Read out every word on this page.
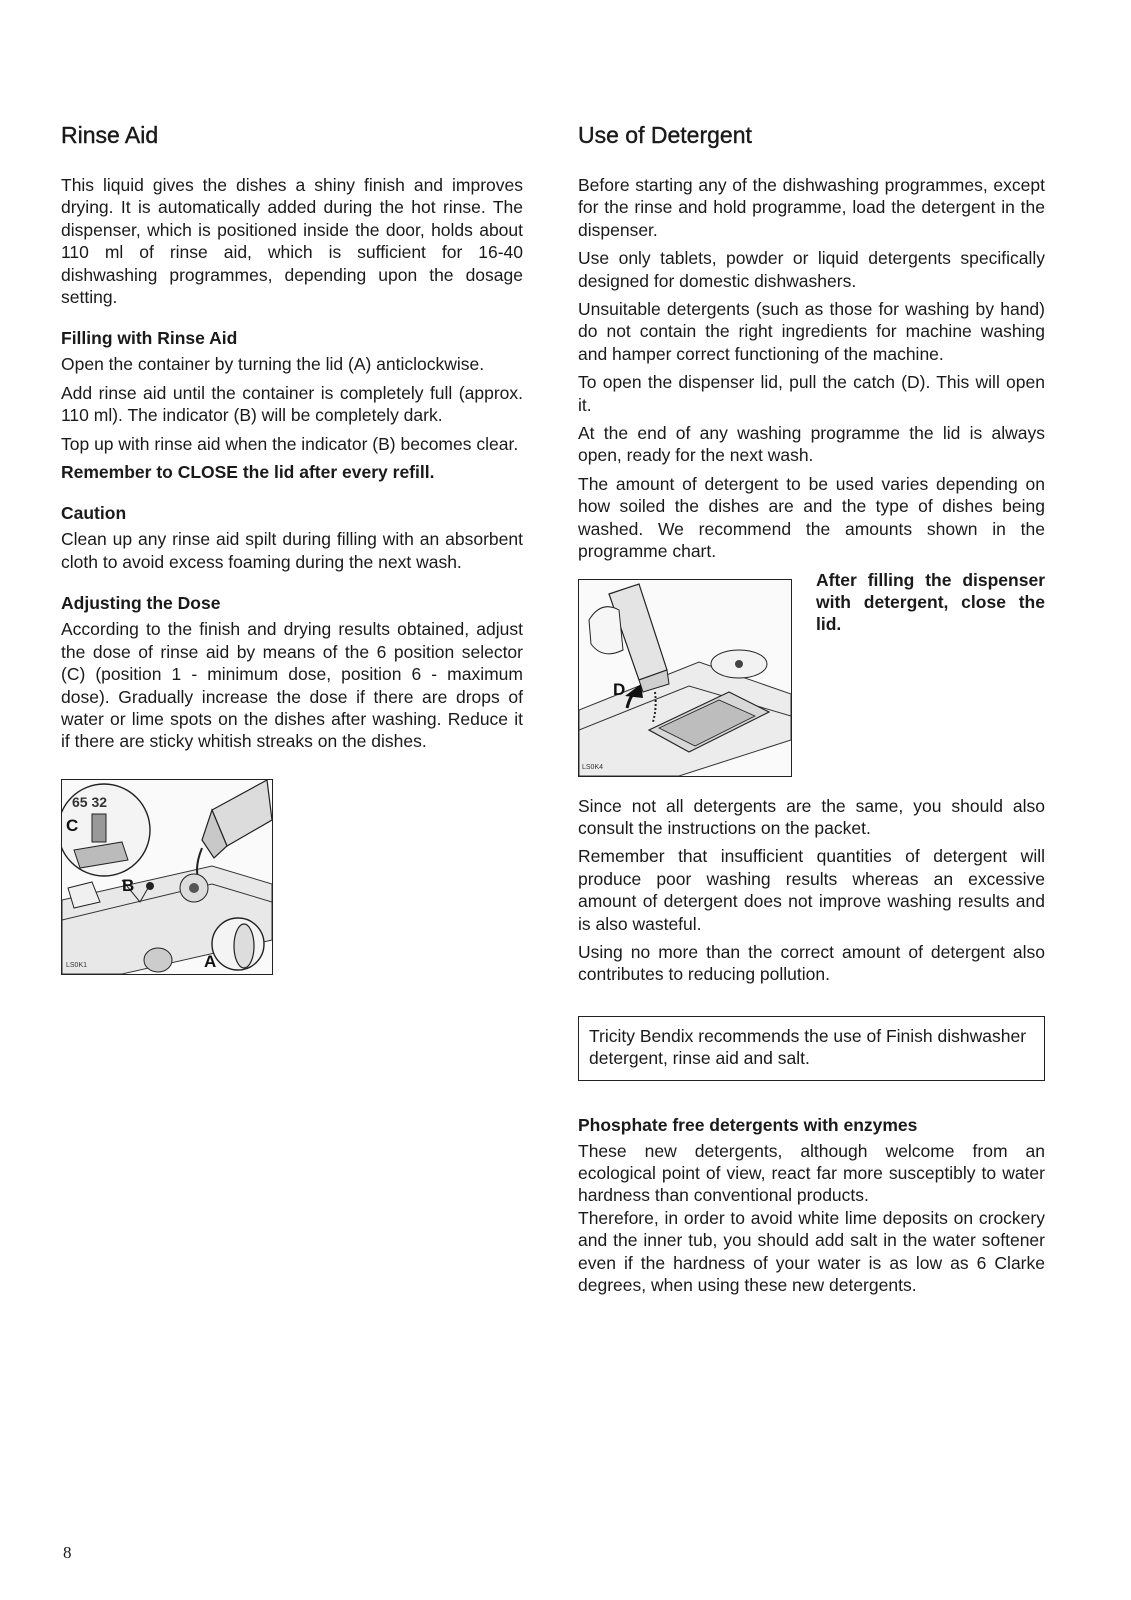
Rinse Aid

This liquid gives the dishes a shiny finish and improves drying. It is automatically added during the hot rinse. The dispenser, which is positioned inside the door, holds about 110 ml of rinse aid, which is sufficient for 16-40 dishwashing programmes, depending upon the dosage setting.

Filling with Rinse Aid

Open the container by turning the lid (A) anticlockwise.

Add rinse aid until the container is completely full (approx. 110 ml). The indicator (B) will be completely dark.

Top up with rinse aid when the indicator (B) becomes clear.

Remember to CLOSE the lid after every refill.

Caution

Clean up any rinse aid spilt during filling with an absorbent cloth to avoid excess foaming during the next wash.

Adjusting the Dose

According to the finish and drying results obtained, adjust the dose of rinse aid by means of the 6 position selector (C) (position 1 - minimum dose, position 6 - maximum dose). Gradually increase the dose if there are drops of water or lime spots on the dishes after washing. Reduce it if there are sticky whitish streaks on the dishes.

C
65 32
B
A
LS0K1
Use of Detergent

Before starting any of the dishwashing programmes, except for the rinse and hold programme, load the detergent in the dispenser.

Use only tablets, powder or liquid detergents specifically designed for domestic dishwashers.

Unsuitable detergents (such as those for washing by hand) do not contain the right ingredients for machine washing and hamper correct functioning of the machine.

To open the dispenser lid, pull the catch (D). This will open it.

At the end of any washing programme the lid is always open, ready for the next wash.

The amount of detergent to be used varies depending on how soiled the dishes are and the type of dishes being washed. We recommend the amounts shown in the programme chart.

D
LS0K4
After filling the dispenser with detergent, close the lid.

Since not all detergents are the same, you should also consult the instructions on the packet.

Remember that insufficient quantities of detergent will produce poor washing results whereas an excessive amount of detergent does not improve washing results and is also wasteful.

Using no more than the correct amount of detergent also contributes to reducing pollution.

Tricity Bendix recommends the use of Finish dishwasher detergent, rinse aid and salt.

Phosphate free detergents with enzymes

These new detergents, although welcome from an ecological point of view, react far more susceptibly to water hardness than conventional products.

Therefore, in order to avoid white lime deposits on crockery and the inner tub, you should add salt in the water softener even if the hardness of your water is as low as 6 Clarke degrees, when using these new detergents.

8
